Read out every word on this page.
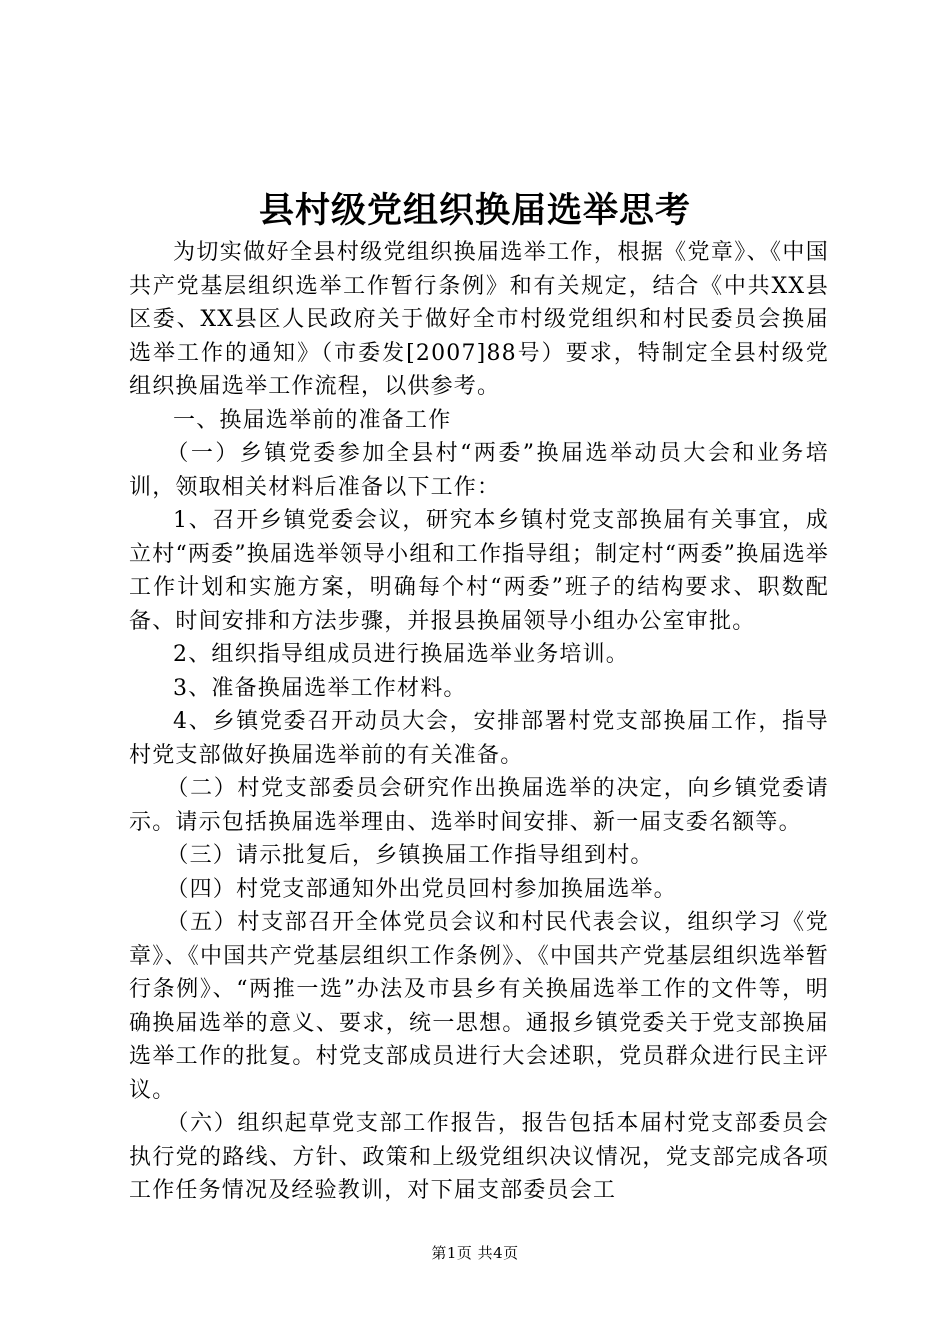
县村级党组织换届选举思考

为切实做好全县村级党组织换届选举工作，根据《党章》、《中国共产党基层组织选举工作暂行条例》和有关规定，结合《中共XX县区委、XX县区人民政府关于做好全市村级党组织和村民委员会换届选举工作的通知》（市委发[2007]88号）要求，特制定全县村级党组织换届选举工作流程，以供参考。

一、换届选举前的准备工作

（一）乡镇党委参加全县村“两委”换届选举动员大会和业务培训，领取相关材料后准备以下工作：

1、召开乡镇党委会议，研究本乡镇村党支部换届有关事宜，成立村“两委”换届选举领导小组和工作指导组；制定村“两委”换届选举工作计划和实施方案，明确每个村“两委”班子的结构要求、职数配备、时间安排和方法步骤，并报县换届领导小组办公室审批。

2、组织指导组成员进行换届选举业务培训。

3、准备换届选举工作材料。

4、乡镇党委召开动员大会，安排部署村党支部换届工作，指导村党支部做好换届选举前的有关准备。

（二）村党支部委员会研究作出换届选举的决定，向乡镇党委请示。请示包括换届选举理由、选举时间安排、新一届支委名额等。

（三）请示批复后，乡镇换届工作指导组到村。

（四）村党支部通知外出党员回村参加换届选举。

（五）村支部召开全体党员会议和村民代表会议，组织学习《党章》、《中国共产党基层组织工作条例》、《中国共产党基层组织选举暂行条例》、“两推一选”办法及市县乡有关换届选举工作的文件等，明确换届选举的意义、要求，统一思想。通报乡镇党委关于党支部换届选举工作的批复。村党支部成员进行大会述职，党员群众进行民主评议。

（六）组织起草党支部工作报告，报告包括本届村党支部委员会执行党的路线、方针、政策和上级党组织决议情况，党支部完成各项工作任务情况及经验教训，对下届支部委员会工

第1页 共4页
